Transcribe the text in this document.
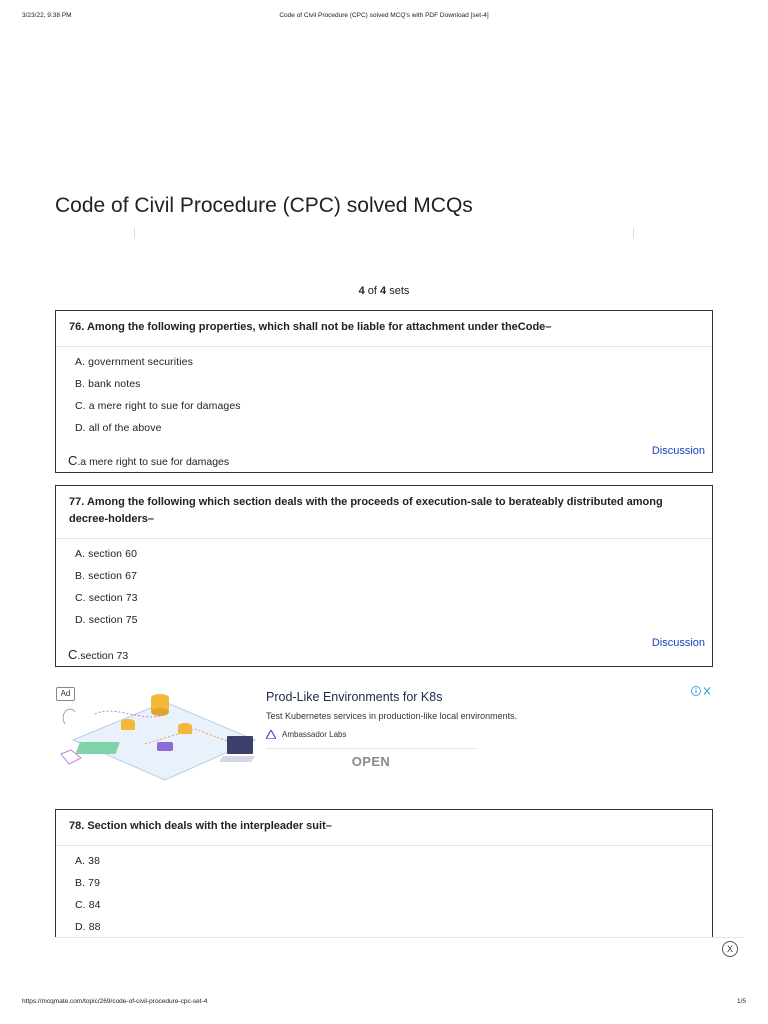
3/23/22, 9:38 PM	Code of Civil Procedure (CPC) solved MCQ's with PDF Download [set-4]
Code of Civil Procedure (CPC) solved MCQs
4 of 4 sets
76. Among the following properties, which shall not be liable for attachment under theCode–
A. government securities
B. bank notes
C. a mere right to sue for damages
D. all of the above
Discussion
C.a mere right to sue for damages
77. Among the following which section deals with the proceeds of execution-sale to berateably distributed among decree-holders–
A. section 60
B. section 67
C. section 73
D. section 75
Discussion
C.section 73
Ad	Prod-Like Environments for K8s
Test Kubernetes services in production-like local environments.
Ambassador Labs
OPEN
78. Section which deals with the interpleader suit–
A. 38
B. 79
C. 84
D. 88
X
https://mcqmate.com/topic/269/code-of-civil-procedure-cpc-set-4	1/5
